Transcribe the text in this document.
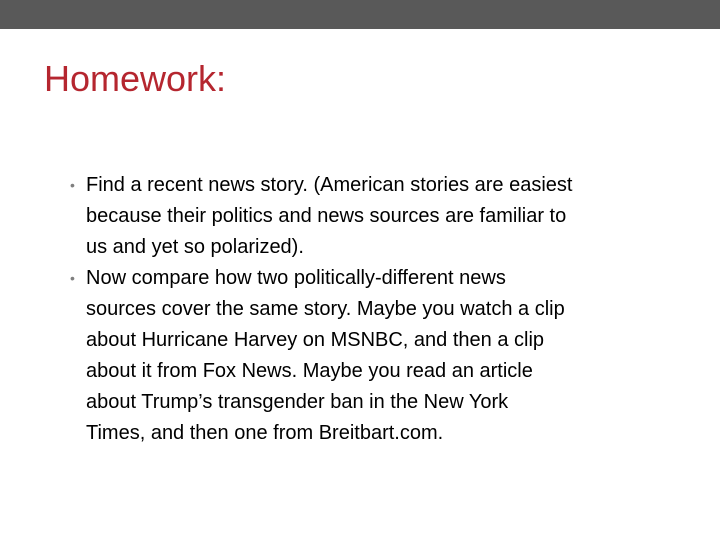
Homework:
• Find a recent news story. (American stories are easiest
because their politics and news sources are familiar to
us and yet so polarized).
• Now compare how two politically-different news
sources cover the same story. Maybe you watch a clip
about Hurricane Harvey on MSNBC, and then a clip
about it from Fox News. Maybe you read an article
about Trump’s transgender ban in the New York
Times, and then one from Breitbart.com.
